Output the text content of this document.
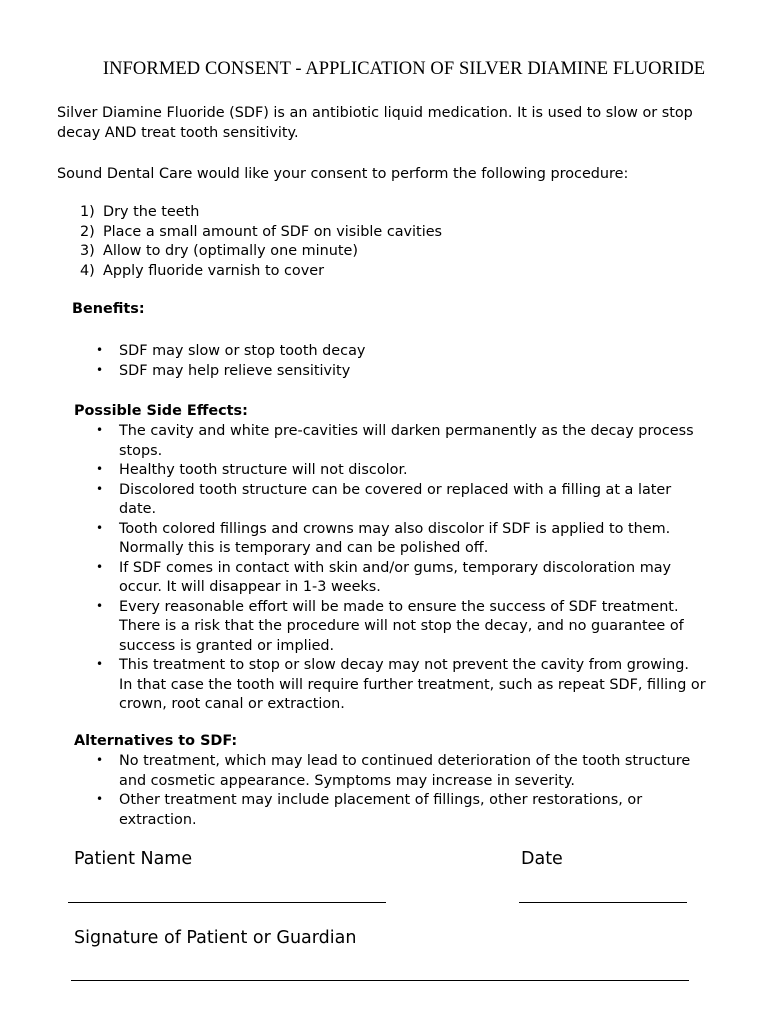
INFORMED CONSENT - APPLICATION OF SILVER DIAMINE FLUORIDE

Silver Diamine Fluoride (SDF) is an antibiotic liquid medication. It is used to slow or stop decay AND treat tooth sensitivity.

Sound Dental Care would like your consent to perform the following procedure:

1) Dry the teeth
2) Place a small amount of SDF on visible cavities
3) Allow to dry (optimally one minute)
4) Apply fluoride varnish to cover
Benefits:
•	SDF may slow or stop tooth decay
•	SDF may help relieve sensitivity
Possible Side Effects:
•	The cavity and white pre-cavities will darken permanently as the decay process stops.
•	Healthy tooth structure will not discolor.
•	Discolored tooth structure can be covered or replaced with a filling at a later date.
•	Tooth colored fillings and crowns may also discolor if SDF is applied to them. Normally this is temporary and can be polished off.
•	If SDF comes in contact with skin and/or gums, temporary discoloration may occur. It will disappear in 1-3 weeks.
•	Every reasonable effort will be made to ensure the success of SDF treatment. There is a risk that the procedure will not stop the decay, and no guarantee of success is granted or implied.
•	This treatment to stop or slow decay may not prevent the cavity from growing. In that case the tooth will require further treatment, such as repeat SDF, filling or crown, root canal or extraction.
Alternatives to SDF:
•	No treatment, which may lead to continued deterioration of the tooth structure and cosmetic appearance. Symptoms may increase in severity.
•	Other treatment may include placement of fillings, other restorations, or extraction.
Patient Name	Date
Signature of Patient or Guardian
